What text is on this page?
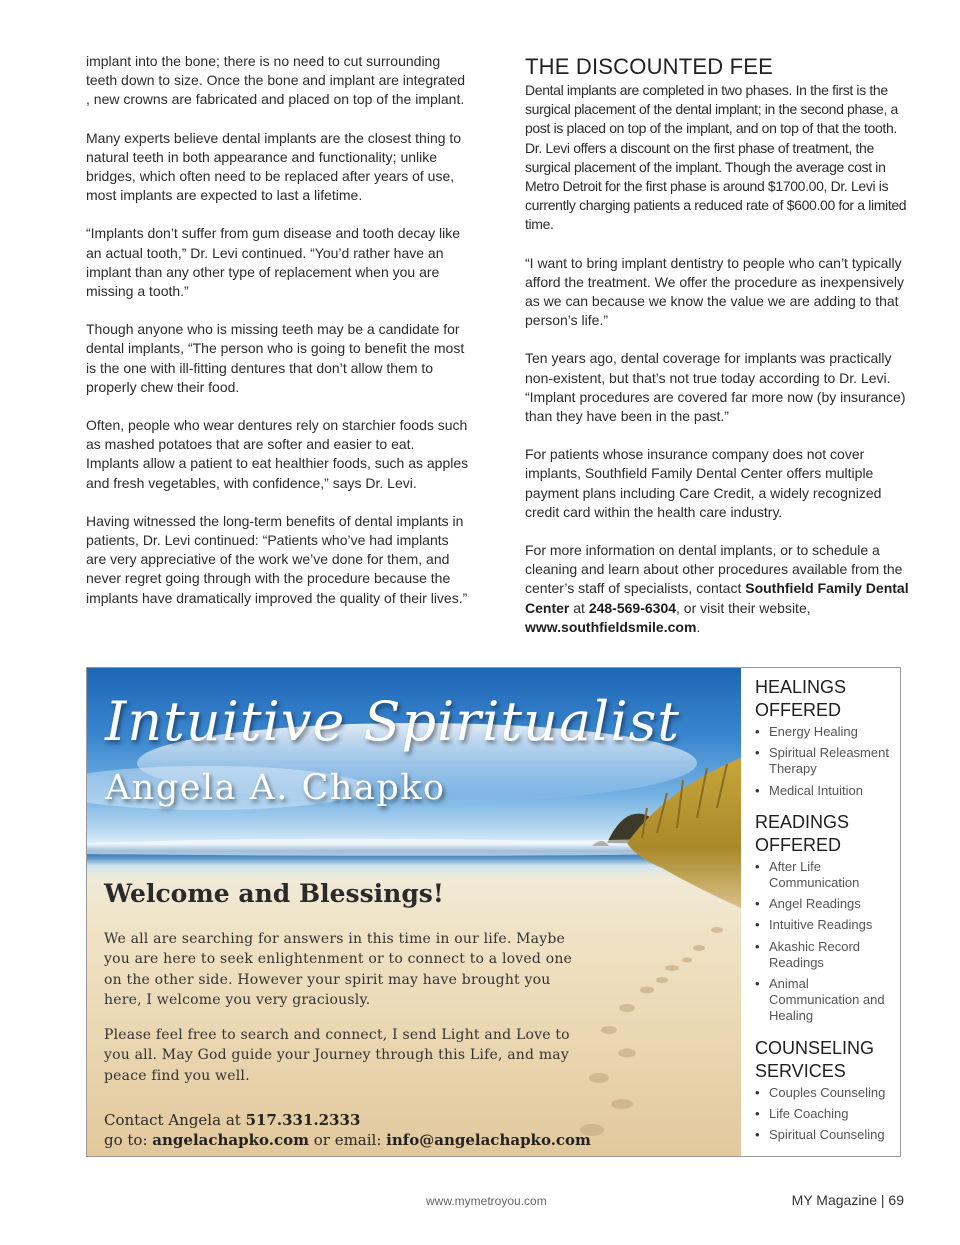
implant into the bone; there is no need to cut surrounding teeth down to size. Once the bone and implant are integrated , new crowns are fabricated and placed on top of the implant.

Many experts believe dental implants are the closest thing to natural teeth in both appearance and functionality; unlike bridges, which often need to be replaced after years of use, most implants are expected to last a lifetime.

“Implants don’t suffer from gum disease and tooth decay like an actual tooth,” Dr. Levi continued. “You’d rather have an implant than any other type of replacement when you are missing a tooth.”

Though anyone who is missing teeth may be a candidate for dental implants, “The person who is going to benefit the most is the one with ill-fitting dentures that don’t allow them to properly chew their food.

Often, people who wear dentures rely on starchier foods such as mashed potatoes that are softer and easier to eat. Implants allow a patient to eat healthier foods, such as apples and fresh vegetables, with confidence,” says Dr. Levi.

Having witnessed the long-term benefits of dental implants in patients, Dr. Levi continued: “Patients who’ve had implants are very appreciative of the work we’ve done for them, and never regret going through with the procedure because the implants have dramatically improved the quality of their lives.”

THE DISCOUNTED FEE

Dental implants are completed in two phases. In the first is the surgical placement of the dental implant; in the second phase, a post is placed on top of the implant, and on top of that the tooth. Dr. Levi offers a discount on the first phase of treatment, the surgical placement of the implant. Though the average cost in Metro Detroit for the first phase is around $1700.00, Dr. Levi is currently charging patients a reduced rate of $600.00 for a limited time.

“I want to bring implant dentistry to people who can’t typically afford the treatment. We offer the procedure as inexpensively as we can because we know the value we are adding to that person’s life.”

Ten years ago, dental coverage for implants was practically non-existent, but that’s not true today according to Dr. Levi. “Implant procedures are covered far more now (by insurance) than they have been in the past.”

For patients whose insurance company does not cover implants, Southfield Family Dental Center offers multiple payment plans including Care Credit, a widely recognized credit card within the health care industry.

For more information on dental implants, or to schedule a cleaning and learn about other procedures available from the center’s staff of specialists, contact Southfield Family Dental Center at 248-569-6304, or visit their website, www.southfieldsmile.com.

Intuitive Spiritualist
Angela A. Chapko
Welcome and Blessings!

We all are searching for answers in this time in our life. Maybe you are here to seek enlightenment or to connect to a loved one on the other side. However your spirit may have brought you here, I welcome you very graciously.

Please feel free to search and connect, I send Light and Love to you all. May God guide your Journey through this Life, and may peace find you well.

Contact Angela at 517.331.2333
go to: angelachapko.com or email: info@angelachapko.com
HEALINGS
OFFERED
• Energy Healing
• Spiritual Releasment Therapy
• Medical Intuition
READINGS
OFFERED
• After Life Communication
• Angel Readings
• Intuitive Readings
• Akashic Record Readings
• Animal Communication and Healing
COUNSELING
SERVICES
• Couples Counseling
• Life Coaching
• Spiritual Counseling
www.mymetroyou.com	MY Magazine | 69
